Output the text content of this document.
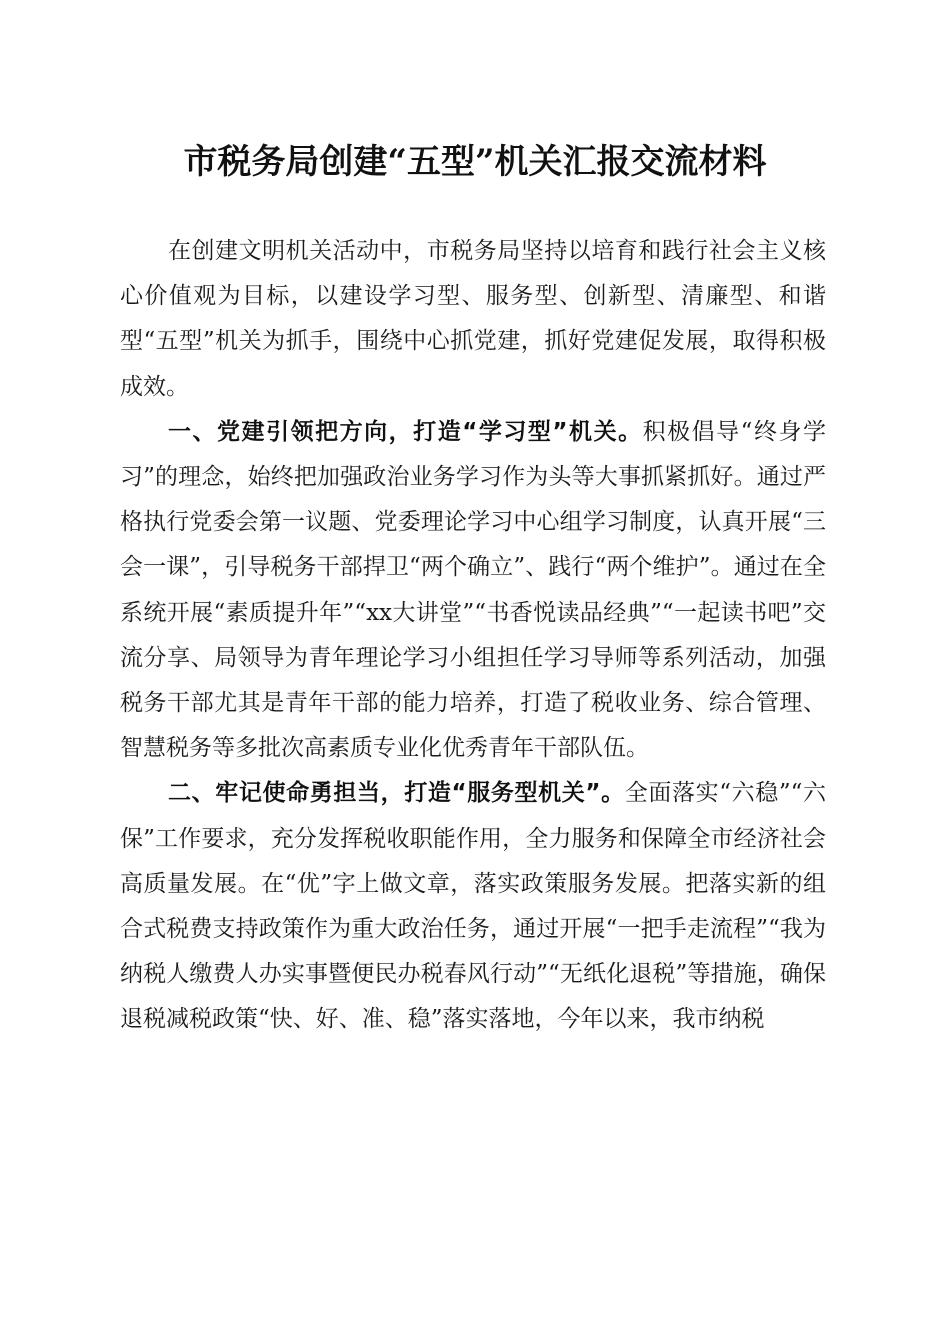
市税务局创建“五型”机关汇报交流材料

在创建文明机关活动中，市税务局坚持以培育和践行社会主义核心价值观为目标，以建设学习型、服务型、创新型、清廉型、和谐型“五型”机关为抓手，围绕中心抓党建，抓好党建促发展，取得积极成效。

一、党建引领把方向，打造“学习型”机关。积极倡导“终身学习”的理念，始终把加强政治业务学习作为头等大事抓紧抓好。通过严格执行党委会第一议题、党委理论学习中心组学习制度，认真开展“三会一课”，引导税务干部捍卫“两个确立”、践行“两个维护”。通过在全系统开展“素质提升年”“xx大讲堂”“书香悦读品经典”“一起读书吧”交流分享、局领导为青年理论学习小组担任学习导师等系列活动，加强税务干部尤其是青年干部的能力培养，打造了税收业务、综合管理、智慧税务等多批次高素质专业化优秀青年干部队伍。

二、牢记使命勇担当，打造“服务型机关”。全面落实“六稳”“六保”工作要求，充分发挥税收职能作用，全力服务和保障全市经济社会高质量发展。在“优”字上做文章，落实政策服务发展。把落实新的组合式税费支持政策作为重大政治任务，通过开展“一把手走流程”“我为纳税人缴费人办实事暨便民办税春风行动”“无纸化退税”等措施，确保退税减税政策“快、好、准、稳”落实落地，今年以来，我市纳税
